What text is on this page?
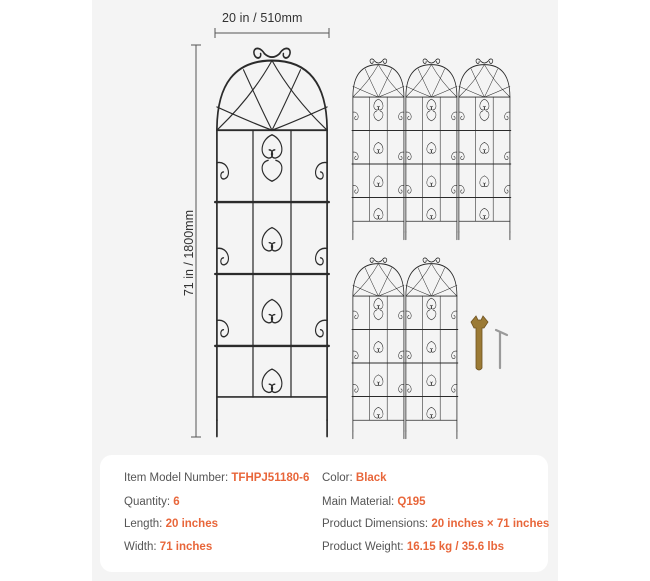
20 in / 510mm
71 in / 1800mm
Item Model Number: TFHPJ51180-6 Color: Black
Quantity: 6	Main Material: Q195
Length: 20 inches	Product Dimensions: 20 inches × 71 inches
Width: 71 inches	Product Weight: 16.15 kg / 35.6 lbs
